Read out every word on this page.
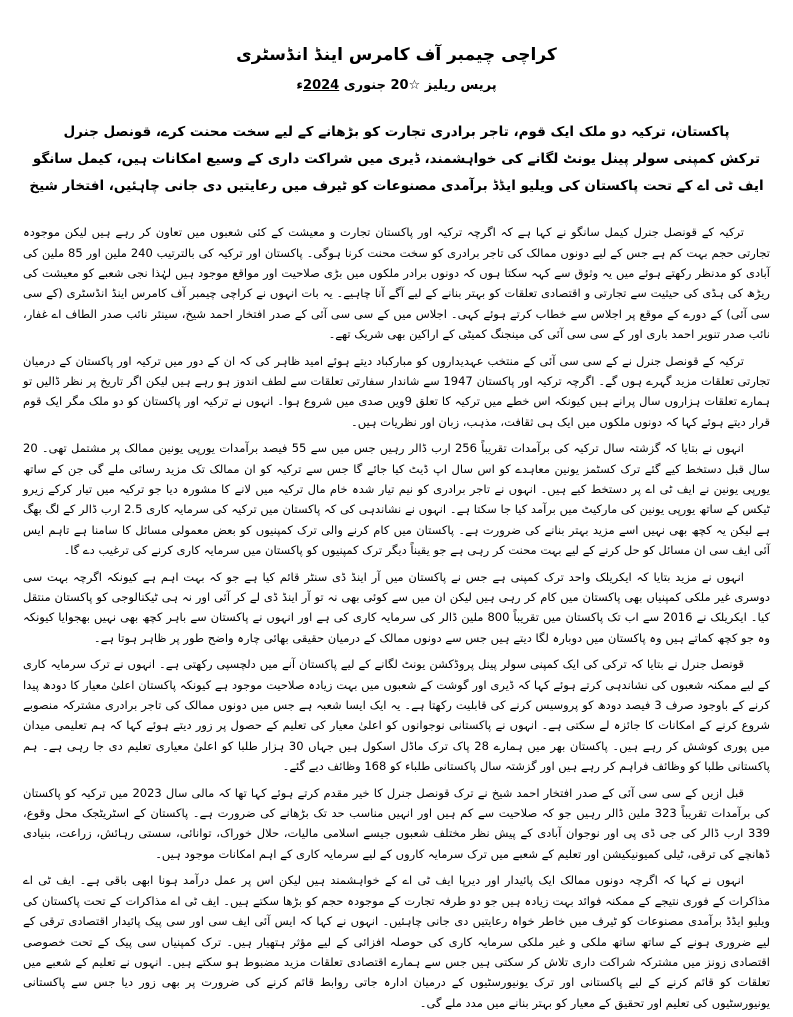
کراچی چیمبر آف کامرس اینڈ انڈسٹری
پریس ریلیز ☆20 جنوری 2024ء
پاکستان، ترکیہ دو ملک ایک قوم، تاجر برادری تجارت کو بڑھانے کے لیے سخت محنت کرے، قونصل جنرل
ترکش کمپنی سولر پینل یونٹ لگانے کی خواہشمند، ڈیری میں شراکت داری کے وسیع امکانات ہیں، کیمل سانگو
ایف ٹی اے کے تحت پاکستان کی ویلیو ایڈڈ برآمدی مصنوعات کو ٹیرف میں رعایتیں دی جانی چاہئیں، افتخار شیخ

ترکیہ کے قونصل جنرل کیمل سانگو نے کہا ہے کہ اگرچہ ترکیہ اور پاکستان تجارت و معیشت کے کئی شعبوں میں تعاون کر رہے ہیں لیکن موجودہ تجارتی حجم بہت کم ہے جس کے لیے دونوں ممالک کی تاجر برادری کو سخت محنت کرنا ہوگی۔ پاکستان اور ترکیہ کی بالترتیب 240 ملین اور 85 ملین کی آبادی کو مدنظر رکھتے ہوئے میں یہ وثوق سے کہہ سکتا ہوں کہ دونوں برادر ملکوں میں بڑی صلاحیت اور مواقع موجود ہیں لہٰذا نجی شعبے کو معیشت کی ریڑھ کی ہڈی کی حیثیت سے تجارتی و اقتصادی تعلقات کو بہتر بنانے کے لیے آگے آنا چاہیے۔ یہ بات انہوں نے کراچی چیمبر آف کامرس اینڈ انڈسٹری (کے سی سی آئی) کے دورے کے موقع پر اجلاس سے خطاب کرتے ہوئے کہی۔ اجلاس میں کے سی سی آئی کے صدر افتخار احمد شیخ، سینئر نائب صدر الطاف اے غفار، نائب صدر تنویر احمد باری اور کے سی سی آئی کی مینجنگ کمیٹی کے اراکین بھی شریک تھے۔

ترکیہ کے قونصل جنرل نے کے سی سی آئی کے منتخب عہدیداروں کو مبارکباد دیتے ہوئے امید ظاہر کی کہ ان کے دور میں ترکیہ اور پاکستان کے درمیان تجارتی تعلقات مزید گہرے ہوں گے۔ اگرچہ ترکیہ اور پاکستان 1947 سے شاندار سفارتی تعلقات سے لطف اندوز ہو رہے ہیں لیکن اگر تاریخ پر نظر ڈالیں تو ہمارے تعلقات ہزاروں سال پرانے ہیں کیونکہ اس خطے میں ترکیہ کا تعلق 9ویں صدی میں شروع ہوا۔ انہوں نے ترکیہ اور پاکستان کو دو ملک مگر ایک قوم قرار دیتے ہوئے کہا کہ دونوں ملکوں میں ایک ہی ثقافت، مذہب، زبان اور نظریات ہیں۔

انہوں نے بتایا کہ گزشتہ سال ترکیہ کی برآمدات تقریباً 256 ارب ڈالر رہیں جس میں سے 55 فیصد برآمدات یورپی یونین ممالک پر مشتمل تھی۔ 20 سال قبل دستخط کیے گئے ترک کسٹمز یونین معاہدے کو اس سال اپ ڈیٹ کیا جائے گا جس سے ترکیہ کو ان ممالک تک مزید رسائی ملے گی جن کے ساتھ یورپی یونین نے ایف ٹی اے پر دستخط کیے ہیں۔ انہوں نے تاجر برادری کو نیم تیار شدہ خام مال ترکیہ میں لانے کا مشورہ دیا جو ترکیہ میں تیار کرکے زیرو ٹیکس کے ساتھ یورپی یونین کی مارکیٹ میں برآمد کیا جا سکتا ہے۔ انہوں نے نشاندہی کی کہ پاکستان میں ترکیہ کی سرمایہ کاری 2.5 ارب ڈالر کے لگ بھگ ہے لیکن یہ کچھ بھی نہیں اسے مزید بہتر بنانے کی ضرورت ہے۔ پاکستان میں کام کرنے والی ترک کمپنیوں کو بعض معمولی مسائل کا سامنا ہے تاہم ایس آئی ایف سی ان مسائل کو حل کرنے کے لیے بہت محنت کر رہی ہے جو یقیناً دیگر ترک کمپنیوں کو پاکستان میں سرمایہ کاری کرنے کی ترغیب دے گا۔

انہوں نے مزید بتایا کہ ایکریلک واحد ترک کمپنی ہے جس نے پاکستان میں آر اینڈ ڈی سنٹر قائم کیا ہے جو کہ بہت اہم ہے کیونکہ اگرچہ بہت سی دوسری غیر ملکی کمپنیاں بھی پاکستان میں کام کر رہی ہیں لیکن ان میں سے کوئی بھی نہ تو آر اینڈ ڈی لے کر آئی اور نہ ہی ٹیکنالوجی کو پاکستان منتقل کیا۔ ایکریلک نے 2016 سے اب تک پاکستان میں تقریباً 800 ملین ڈالر کی سرمایہ کاری کی ہے اور انہوں نے پاکستان سے باہر کچھ بھی نہیں بھجوایا کیونکہ وہ جو کچھ کماتے ہیں وہ پاکستان میں دوبارہ لگا دیتے ہیں جس سے دونوں ممالک کے درمیان حقیقی بھائی چارہ واضح طور پر ظاہر ہوتا ہے۔

قونصل جنرل نے بتایا کہ ترکی کی ایک کمپنی سولر پینل پروڈکشن یونٹ لگانے کے لیے پاکستان آنے میں دلچسپی رکھتی ہے۔ انہوں نے ترک سرمایہ کاری کے لیے ممکنہ شعبوں کی نشاندہی کرتے ہوئے کہا کہ ڈیری اور گوشت کے شعبوں میں بہت زیادہ صلاحیت موجود ہے کیونکہ پاکستان اعلیٰ معیار کا دودھ پیدا کرنے کے باوجود صرف 3 فیصد دودھ کو پروسیس کرنے کی قابلیت رکھتا ہے۔ یہ ایک ایسا شعبہ ہے جس میں دونوں ممالک کی تاجر برادری مشترکہ منصوبے شروع کرنے کے امکانات کا جائزہ لے سکتی ہے۔ انہوں نے پاکستانی نوجوانوں کو اعلیٰ معیار کی تعلیم کے حصول پر زور دیتے ہوئے کہا کہ ہم تعلیمی میدان میں پوری کوشش کر رہے ہیں۔ پاکستان بھر میں ہمارے 28 پاک ترک ماڈل اسکول ہیں جہاں 30 ہزار طلبا کو اعلیٰ معیاری تعلیم دی جا رہی ہے۔ ہم پاکستانی طلبا کو وظائف فراہم کر رہے ہیں اور گزشتہ سال پاکستانی طلباء کو 168 وظائف دیے گئے۔

قبل ازیں کے سی سی آئی کے صدر افتخار احمد شیخ نے ترک قونصل جنرل کا خیر مقدم کرتے ہوئے کہا تھا کہ مالی سال 2023 میں ترکیہ کو پاکستان کی برآمدات تقریباً 323 ملین ڈالر رہیں جو کہ صلاحیت سے کم ہیں اور انہیں مناسب حد تک بڑھانے کی ضرورت ہے۔ پاکستان کے اسٹریٹجک محل وقوع، 339 ارب ڈالر کی جی ڈی پی اور نوجوان آبادی کے پیش نظر مختلف شعبوں جیسے اسلامی مالیات، حلال خوراک، توانائی، سستی رہائش، زراعت، بنیادی ڈھانچے کی ترقی، ٹیلی کمیونیکیشن اور تعلیم کے شعبے میں ترک سرمایہ کاروں کے لیے سرمایہ کاری کے اہم امکانات موجود ہیں۔

انہوں نے کہا کہ اگرچہ دونوں ممالک ایک پائیدار اور دیرپا ایف ٹی اے کے خواہشمند ہیں لیکن اس پر عمل درآمد ہونا ابھی باقی ہے۔ ایف ٹی اے مذاکرات کے فوری نتیجے کے ممکنہ فوائد بہت زیادہ ہیں جو دو طرفہ تجارت کے موجودہ حجم کو بڑھا سکتے ہیں۔ ایف ٹی اے مذاکرات کے تحت پاکستان کی ویلیو ایڈڈ برآمدی مصنوعات کو ٹیرف میں خاطر خواہ رعایتیں دی جانی چاہئیں۔ انہوں نے کہا کہ ایس آئی ایف سی اور سی پیک پائیدار اقتصادی ترقی کے لیے ضروری ہونے کے ساتھ ساتھ ملکی و غیر ملکی سرمایہ کاری کی حوصلہ افزائی کے لیے مؤثر ہتھیار ہیں۔ ترک کمپنیاں سی پیک کے تحت خصوصی اقتصادی زونز میں مشترکہ شراکت داری تلاش کر سکتی ہیں جس سے ہمارے اقتصادی تعلقات مزید مضبوط ہو سکتے ہیں۔ انہوں نے تعلیم کے شعبے میں تعلقات کو قائم کرنے کے لیے پاکستانی اور ترک یونیورسٹیوں کے درمیان ادارہ جاتی روابط قائم کرنے کی ضرورت پر بھی زور دیا جس سے پاکستانی یونیورسٹیوں کی تعلیم اور تحقیق کے معیار کو بہتر بنانے میں مدد ملے گی۔
